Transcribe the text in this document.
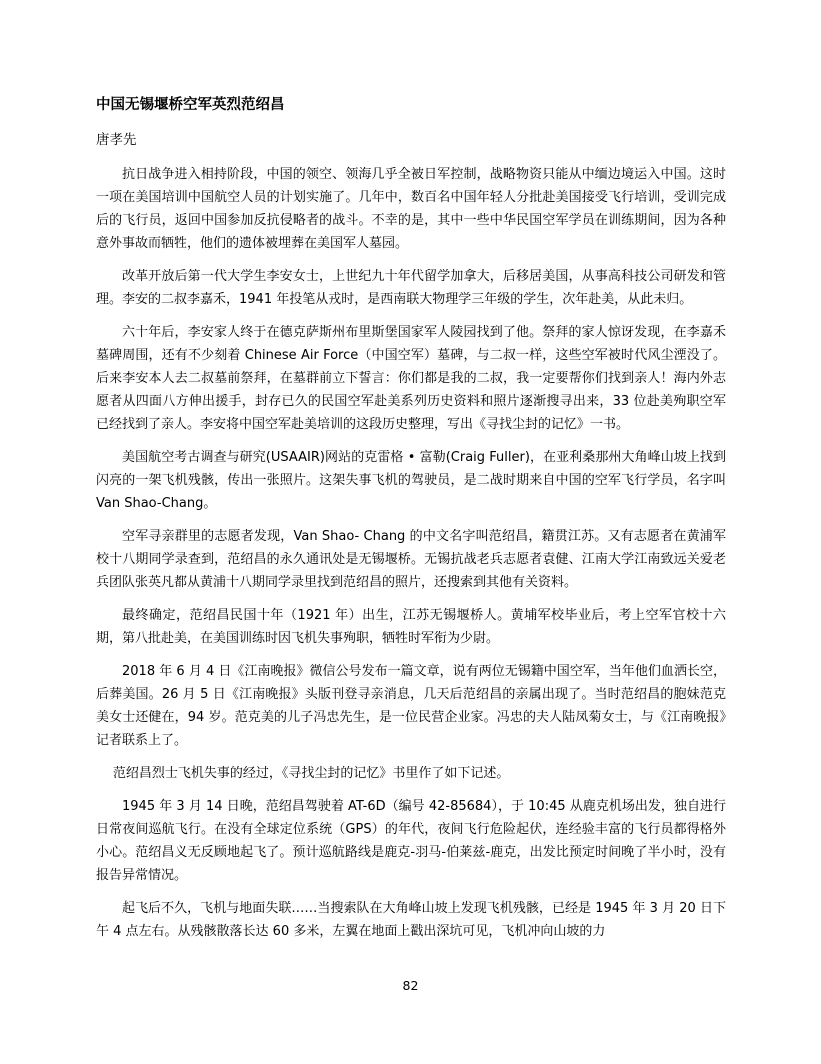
中国无锡堰桥空军英烈范绍昌
唐孝先

抗日战争进入相持阶段，中国的领空、领海几乎全被日军控制，战略物资只能从中缅边境运入中国。这时一项在美国培训中国航空人员的计划实施了。几年中，数百名中国年轻人分批赴美国接受飞行培训，受训完成后的飞行员，返回中国参加反抗侵略者的战斗。不幸的是，其中一些中华民国空军学员在训练期间，因为各种意外事故而牺牲，他们的遗体被埋葬在美国军人墓园。

改革开放后第一代大学生李安女士，上世纪九十年代留学加拿大，后移居美国，从事高科技公司研发和管理。李安的二叔李嘉禾，1941 年投笔从戎时，是西南联大物理学三年级的学生，次年赴美，从此未归。

六十年后，李安家人终于在德克萨斯州布里斯堡国家军人陵园找到了他。祭拜的家人惊讶发现，在李嘉禾墓碑周围，还有不少刻着 Chinese Air Force（中国空军）墓碑，与二叔一样，这些空军被时代风尘湮没了。后来李安本人去二叔墓前祭拜，在墓群前立下誓言：你们都是我的二叔，我一定要帮你们找到亲人！海内外志愿者从四面八方伸出援手，封存已久的民国空军赴美系列历史资料和照片逐渐搜寻出来，33 位赴美殉职空军已经找到了亲人。李安将中国空军赴美培训的这段历史整理，写出《寻找尘封的记忆》一书。

美国航空考古调查与研究(USAAIR)网站的克雷格 • 富勒(Craig Fuller)，在亚利桑那州大角峰山坡上找到闪亮的一架飞机残骸，传出一张照片。这架失事飞机的驾驶员，是二战时期来自中国的空军飞行学员，名字叫 Van Shao-Chang。

空军寻亲群里的志愿者发现，Van Shao- Chang 的中文名字叫范绍昌，籍贯江苏。又有志愿者在黄浦军校十八期同学录查到，范绍昌的永久通讯处是无锡堰桥。无锡抗战老兵志愿者袁健、江南大学江南致远关爱老兵团队张英凡都从黄浦十八期同学录里找到范绍昌的照片，还搜索到其他有关资料。

最终确定，范绍昌民国十年（1921 年）出生，江苏无锡堰桥人。黄埔军校毕业后，考上空军官校十六期，第八批赴美，在美国训练时因飞机失事殉职，牺牲时军衔为少尉。

2018 年 6 月 4 日《江南晚报》微信公号发布一篇文章，说有两位无锡籍中国空军，当年他们血洒长空，后葬美国。26 月 5 日《江南晚报》头版刊登寻亲消息，几天后范绍昌的亲属出现了。当时范绍昌的胞妹范克美女士还健在，94 岁。范克美的儿子冯忠先生，是一位民营企业家。冯忠的夫人陆凤菊女士，与《江南晚报》记者联系上了。

范绍昌烈士飞机失事的经过，《寻找尘封的记忆》书里作了如下记述。

1945 年 3 月 14 日晚，范绍昌驾驶着 AT-6D（编号 42-85684），于 10:45 从鹿克机场出发，独自进行日常夜间巡航飞行。在没有全球定位系统（GPS）的年代，夜间飞行危险起伏，连经验丰富的飞行员都得格外小心。范绍昌义无反顾地起飞了。预计巡航路线是鹿克-羽马-伯莱兹-鹿克，出发比预定时间晚了半小时，没有报告异常情况。

起飞后不久，飞机与地面失联……当搜索队在大角峰山坡上发现飞机残骸，已经是 1945 年 3 月 20 日下午 4 点左右。从残骸散落长达 60 多米，左翼在地面上戳出深坑可见，飞机冲向山坡的力

82
